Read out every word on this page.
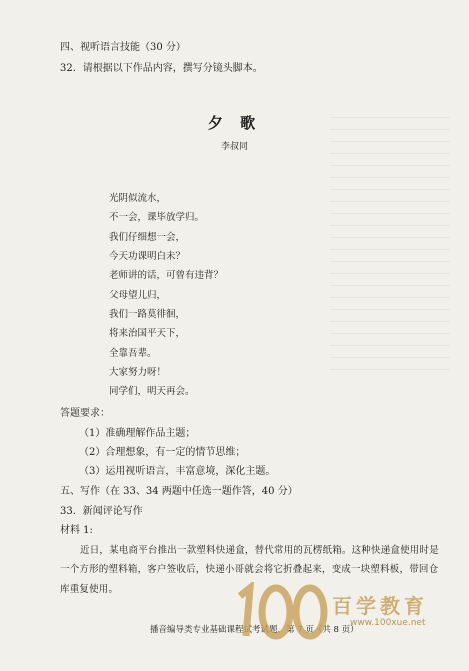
四、视听语言技能（30 分）
32．请根据以下作品内容，撰写分镜头脚本。
夕 歌
李叔同
光阴似流水，
不一会，课毕放学归。
我们仔细想一会，
今天功课明白未？
老师讲的话，可曾有违背？
父母望儿归，
我们一路莫徘徊，
将来治国平天下，
全靠吾辈。
大家努力呀！
同学们，明天再会。
答题要求：
（1）准确理解作品主题；
（2）合理想象，有一定的情节思维；
（3）运用视听语言，丰富意境，深化主题。
五、写作（在 33、34 两题中任选一题作答，40 分）
33．新闻评论写作
材料 1:
近日，某电商平台推出一款塑料快递盒，替代常用的瓦楞纸箱。这种快递盒使用时是
一个方形的塑料箱，客户签收后，快递小哥就会将它折叠起来，变成一块塑料板，带回仓
库重复使用。
播音编导类专业基础课程试考试题，第 7 页（共 8 页）
百学教育
www.100xue.net
